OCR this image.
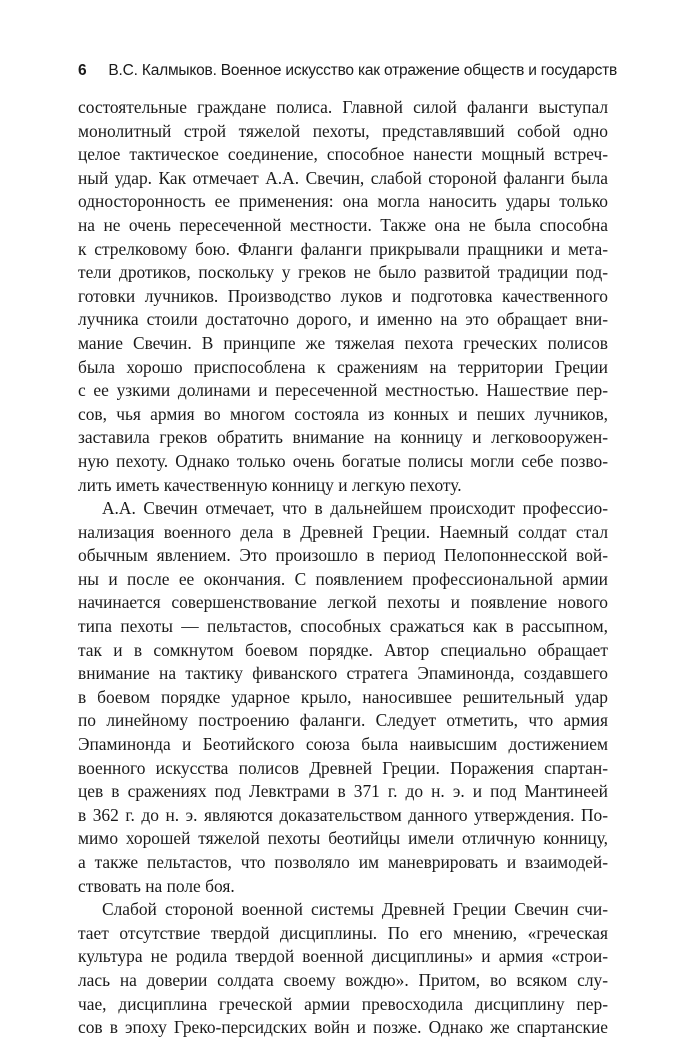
6 В.С. Калмыков. Военное искусство как отражение обществ и государств

состоятельные граждане полиса. Главной силой фаланги выступал
монолитный строй тяжелой пехоты, представлявший собой одно
целое тактическое соединение, способное нанести мощный встреч-
ный удар. Как отмечает А.А. Свечин, слабой стороной фаланги была
односторонность ее применения: она могла наносить удары только
на не очень пересеченной местности. Также она не была способна
к стрелковому бою. Фланги фаланги прикрывали пращники и мета-
тели дротиков, поскольку у греков не было развитой традиции под-
готовки лучников. Производство луков и подготовка качественного
лучника стоили достаточно дорого, и именно на это обращает вни-
мание Свечин. В принципе же тяжелая пехота греческих полисов
была хорошо приспособлена к сражениям на территории Греции
с ее узкими долинами и пересеченной местностью. Нашествие пер-
сов, чья армия во многом состояла из конных и пеших лучников,
заставила греков обратить внимание на конницу и легковооружен-
ную пехоту. Однако только очень богатые полисы могли себе позво-
лить иметь качественную конницу и легкую пехоту.

А.А. Свечин отмечает, что в дальнейшем происходит профессио-
нализация военного дела в Древней Греции. Наемный солдат стал
обычным явлением. Это произошло в период Пелопоннесской вой-
ны и после ее окончания. С появлением профессиональной армии
начинается совершенствование легкой пехоты и появление нового
типа пехоты — пельтастов, способных сражаться как в рассыпном,
так и в сомкнутом боевом порядке. Автор специально обращает
внимание на тактику фиванского стратега Эпаминонда, создавшего
в боевом порядке ударное крыло, наносившее решительный удар
по линейному построению фаланги. Следует отметить, что армия
Эпаминонда и Беотийского союза была наивысшим достижением
военного искусства полисов Древней Греции. Поражения спартан-
цев в сражениях под Левктрами в 371 г. до н. э. и под Мантинеей
в 362 г. до н. э. являются доказательством данного утверждения. По-
мимо хорошей тяжелой пехоты беотийцы имели отличную конницу,
а также пельтастов, что позволяло им маневрировать и взаимодей-
ствовать на поле боя.

Слабой стороной военной системы Древней Греции Свечин счи-
тает отсутствие твердой дисциплины. По его мнению, «греческая
культура не родила твердой военной дисциплины» и армия «строи-
лась на доверии солдата своему вождю». Притом, во всяком слу-
чае, дисциплина греческой армии превосходила дисциплину пер-
сов в эпоху Греко-персидских войн и позже. Однако же спартанские
